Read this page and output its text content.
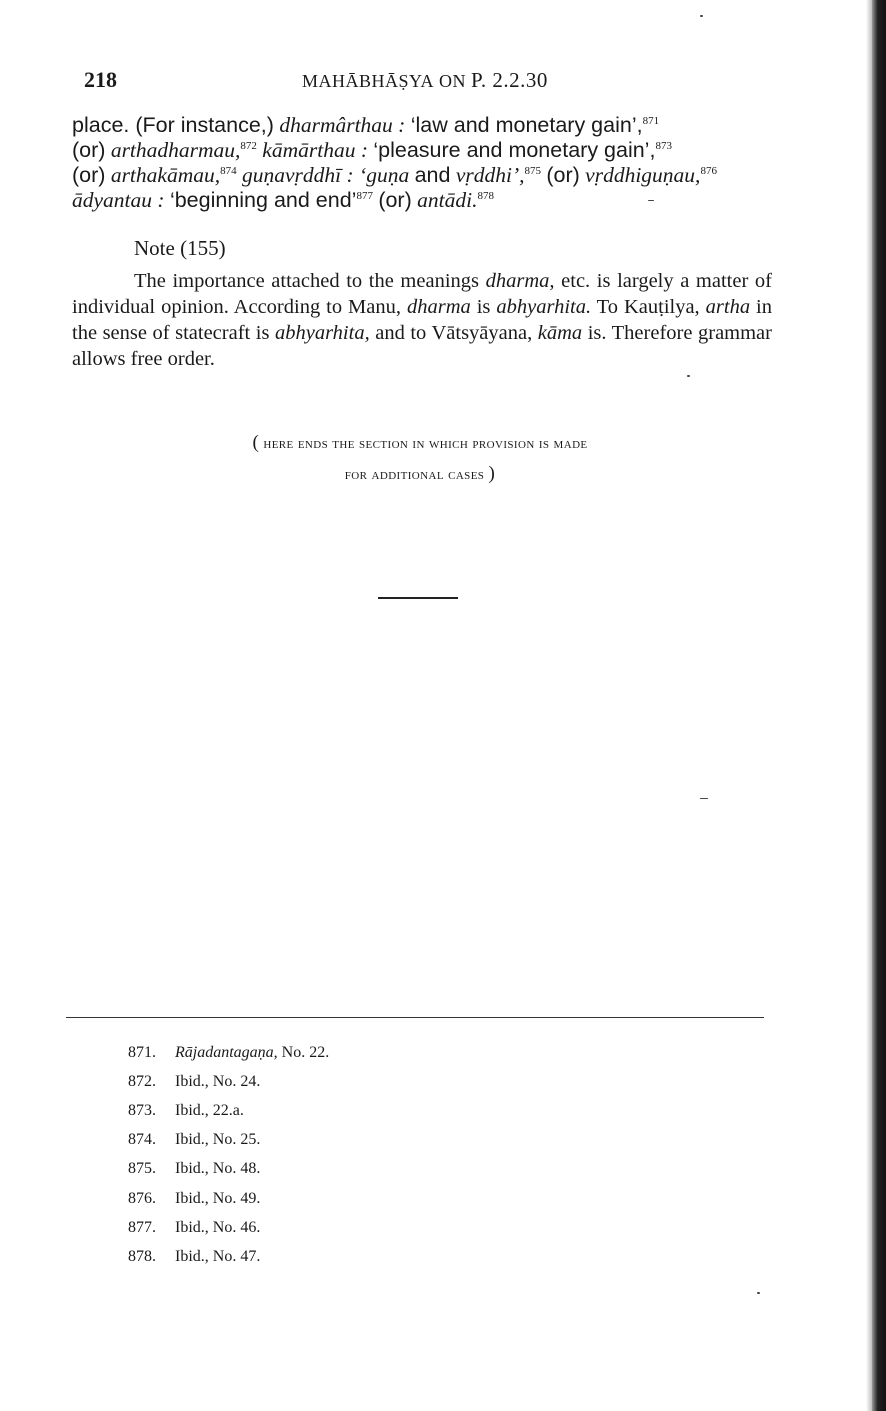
218	MAHĀBHĀṢYA ON P. 2.2.30
place. (For instance,) dharmârthau : ‘law and monetary gain’,$^{871}$
(or) arthadharmau,$^{872}$ kāmārthau : ‘pleasure and monetary gain’,$^{873}$
(or) arthakāmau,$^{874}$ guṇavṛddhī : ‘guṇa and vṛddhi’,$^{875}$ (or) vṛddhiguṇau,$^{876}$
ādyantau : ‘beginning and end’$^{877}$ (or) antādi.$^{878}$
Note (155)
The importance attached to the meanings dharma, etc. is largely a matter of individual opinion. According to Manu, dharma is abhyarhita. To Kauṭilya, artha in the sense of statecraft is abhyarhita, and to Vātsyāyana, kāma is. Therefore grammar allows free order.
( here ends the section in which provision is made
for additional cases )
871.	Rājadantagaṇa, No. 22.
872.	Ibid., No. 24.
873.	Ibid., 22.a.
874.	Ibid., No. 25.
875.	Ibid., No. 48.
876.	Ibid., No. 49.
877.	Ibid., No. 46.
878.	Ibid., No. 47.
